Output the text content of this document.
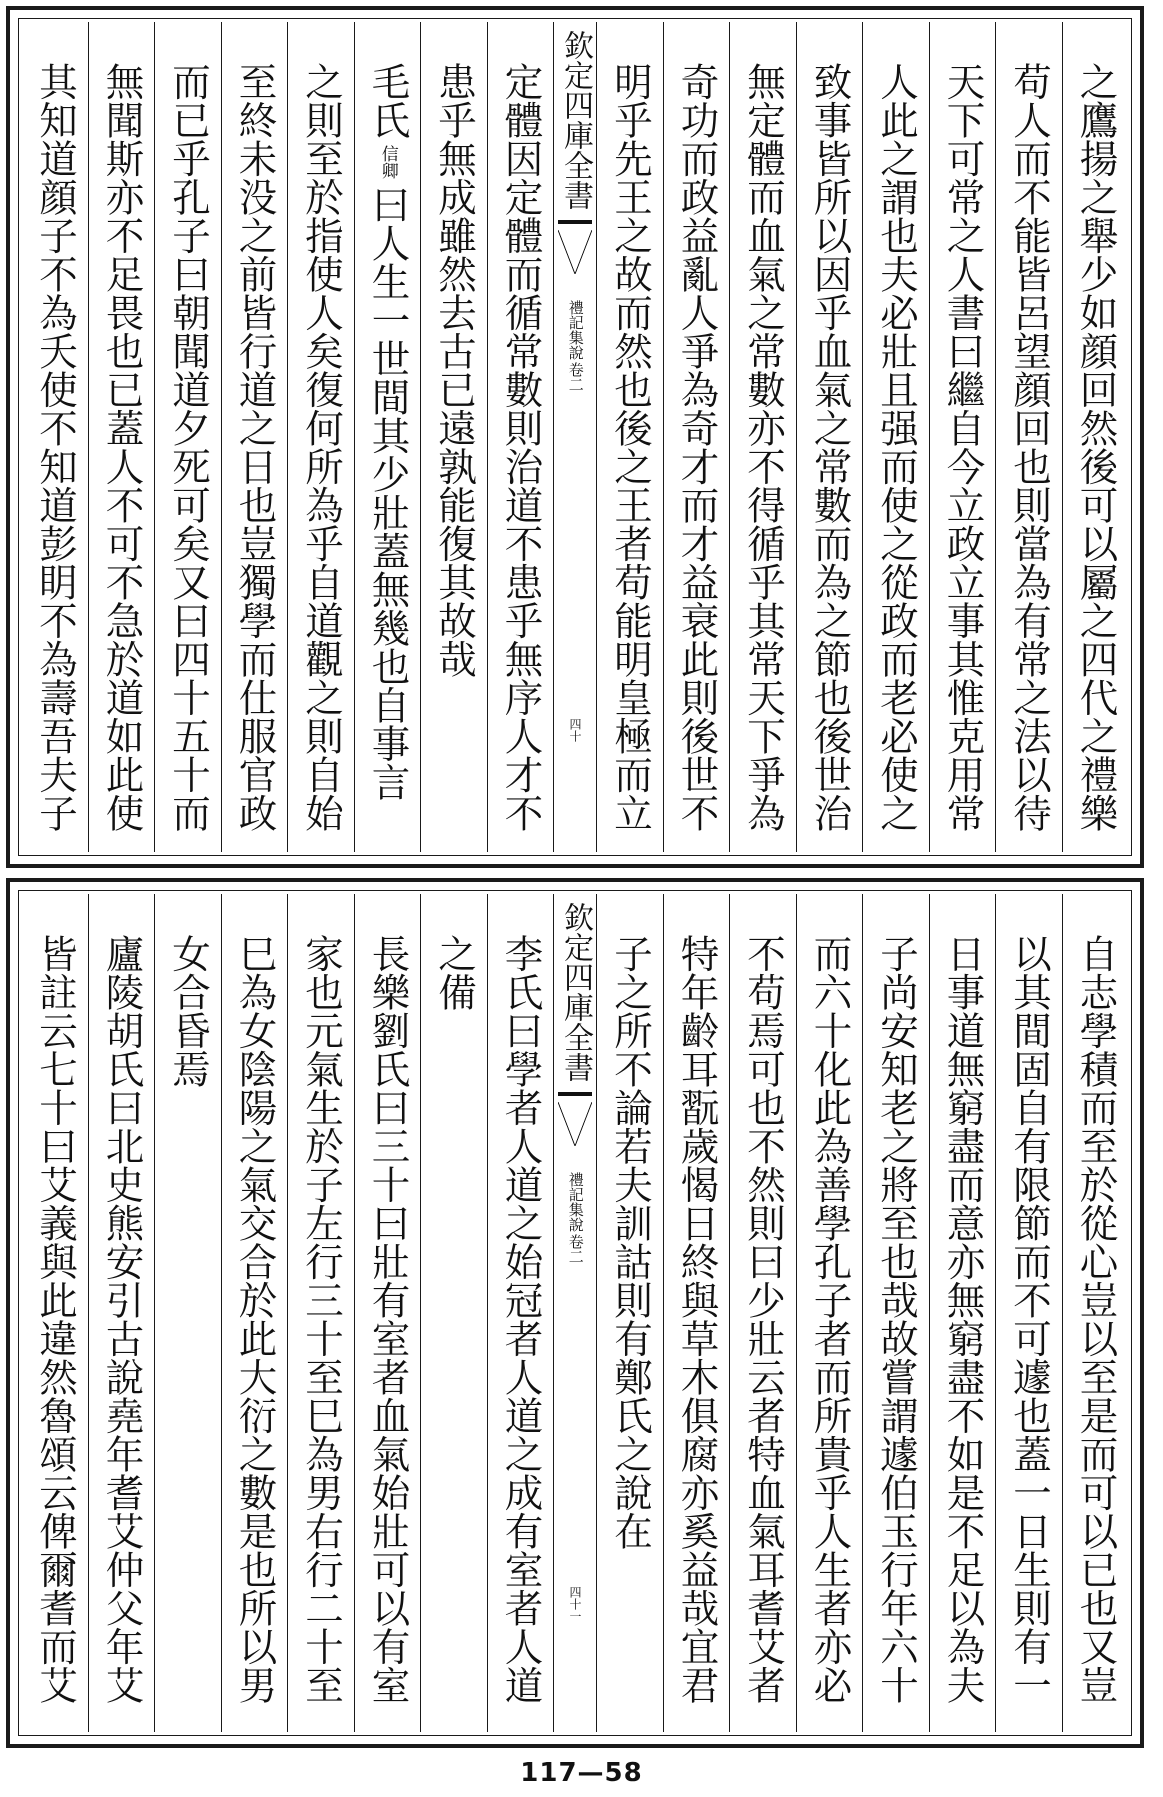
其知道顔子不為夭使不知道彭眀不為壽吾夫子 無聞斯亦不足畏也已蓋人不可不急於道如此使 而已乎孔子曰朝聞道夕死可矣又曰四十五十而 至終未没之前皆行道之日也豈獨學而仕服官政 之則至於指使人矣復何所為乎自道觀之則自始 毛氏
信卿
曰人生一世間其少壯蓋無幾也自事言 患乎無成雖然去古已遠孰能復其故哉 定體因定體而循常數則治道不患乎無序人才不 欽定四庫全書
禮記集說
卷二
四十 明乎先王之故而然也後之王者苟能明皇極而立 奇功而政益亂人爭為奇才而才益衰此則後世不 無定體而血氣之常數亦不得循乎其常天下爭為 致事皆所以因乎血氣之常數而為之節也後世治 人此之謂也夫必壯且强而使之從政而老必使之 天下可常之人書曰繼自今立政立事其惟克用常 苟人而不能皆呂望顔回也則當為有常之法以待 之鷹揚之舉少如顔回然後可以屬之四代之禮樂
皆註云七十曰艾義與此違然魯頌云俾爾耆而艾 廬陵胡氏曰北史熊安引古說堯年耆艾仲父年艾 女合昏焉 巳為女陰陽之氣交合於此大衍之數是也所以男 家也元氣生於子左行三十至巳為男右行二十至 長樂劉氏曰三十曰壯有室者血氣始壯可以有室 之備 李氏曰學者人道之始冠者人道之成有室者人道 欽定四庫全書
禮記集說
卷二
四十一
子之所不論若夫訓詁則有鄭氏之說在 特年齡耳翫歲愒日終與草木俱腐亦奚益哉宜君 不苟焉可也不然則曰少壯云者特血氣耳耆艾者 而六十化此為善學孔子者而所貴乎人生者亦必 子尚安知老之將至也哉故嘗謂遽伯玉行年六十 日事道無窮盡而意亦無窮盡不如是不足以為夫 以其間固自有限節而不可遽也蓋一日生則有一 自志學積而至於從心豈以至是而可以已也又豈
117—58
